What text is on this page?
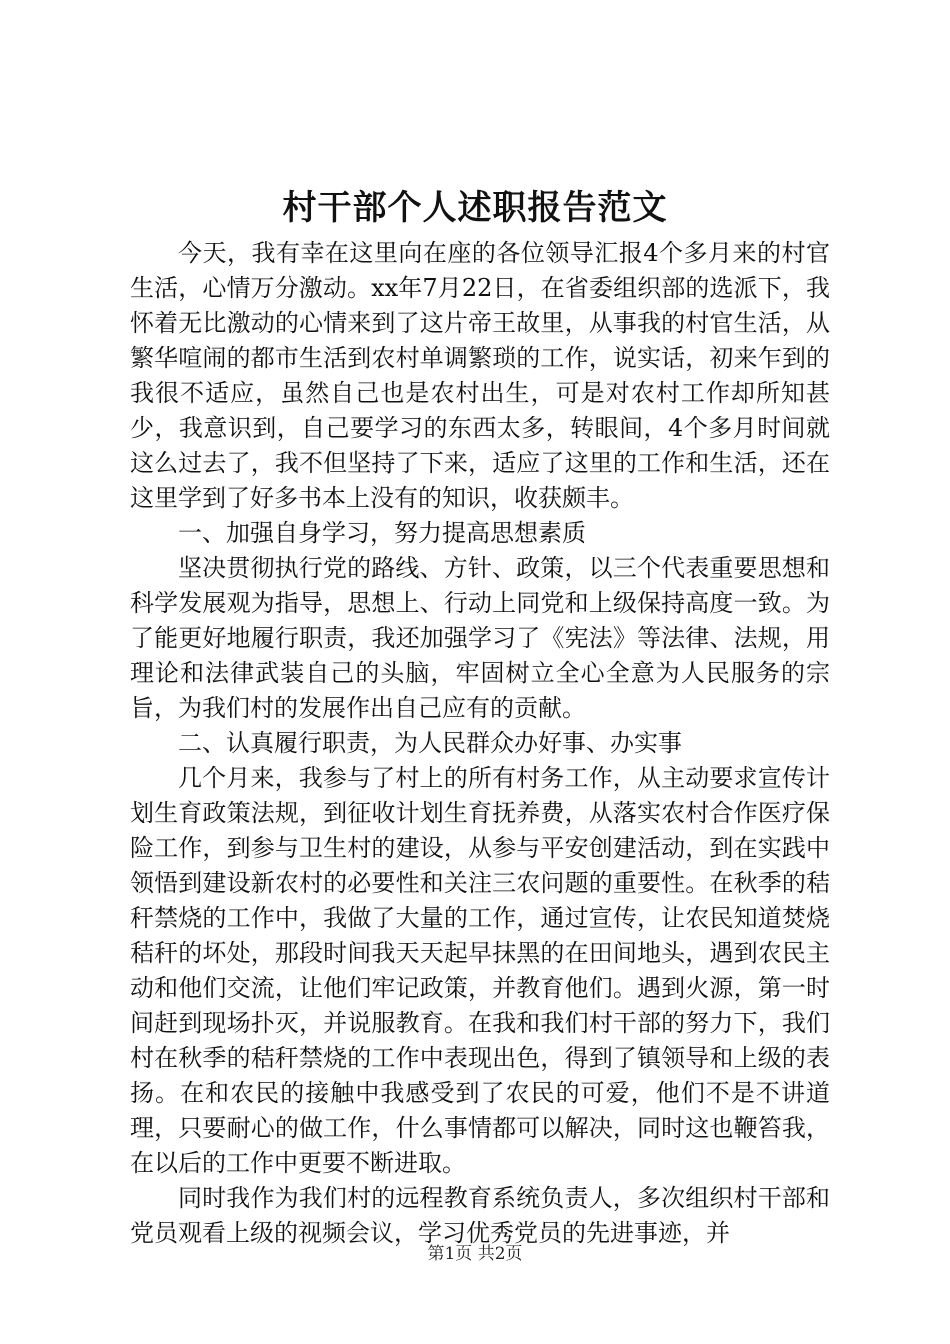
村干部个人述职报告范文

今天，我有幸在这里向在座的各位领导汇报4个多月来的村官生活，心情万分激动。xx年7月22日，在省委组织部的选派下，我怀着无比激动的心情来到了这片帝王故里，从事我的村官生活，从繁华喧闹的都市生活到农村单调繁琐的工作，说实话，初来乍到的我很不适应，虽然自己也是农村出生，可是对农村工作却所知甚少，我意识到，自己要学习的东西太多，转眼间，4个多月时间就这么过去了，我不但坚持了下来，适应了这里的工作和生活，还在这里学到了好多书本上没有的知识，收获颇丰。

一、加强自身学习，努力提高思想素质

坚决贯彻执行党的路线、方针、政策，以三个代表重要思想和科学发展观为指导，思想上、行动上同党和上级保持高度一致。为了能更好地履行职责，我还加强学习了《宪法》等法律、法规，用理论和法律武装自己的头脑，牢固树立全心全意为人民服务的宗旨，为我们村的发展作出自己应有的贡献。

二、认真履行职责，为人民群众办好事、办实事

几个月来，我参与了村上的所有村务工作，从主动要求宣传计划生育政策法规，到征收计划生育抚养费，从落实农村合作医疗保险工作，到参与卫生村的建设，从参与平安创建活动，到在实践中领悟到建设新农村的必要性和关注三农问题的重要性。在秋季的秸秆禁烧的工作中，我做了大量的工作，通过宣传，让农民知道焚烧秸秆的坏处，那段时间我天天起早抹黑的在田间地头，遇到农民主动和他们交流，让他们牢记政策，并教育他们。遇到火源，第一时间赶到现场扑灭，并说服教育。在我和我们村干部的努力下，我们村在秋季的秸秆禁烧的工作中表现出色，得到了镇领导和上级的表扬。在和农民的接触中我感受到了农民的可爱，他们不是不讲道理，只要耐心的做工作，什么事情都可以解决，同时这也鞭笞我，在以后的工作中更要不断进取。

同时我作为我们村的远程教育系统负责人，多次组织村干部和党员观看上级的视频会议，学习优秀党员的先进事迹，并

第1页 共2页
